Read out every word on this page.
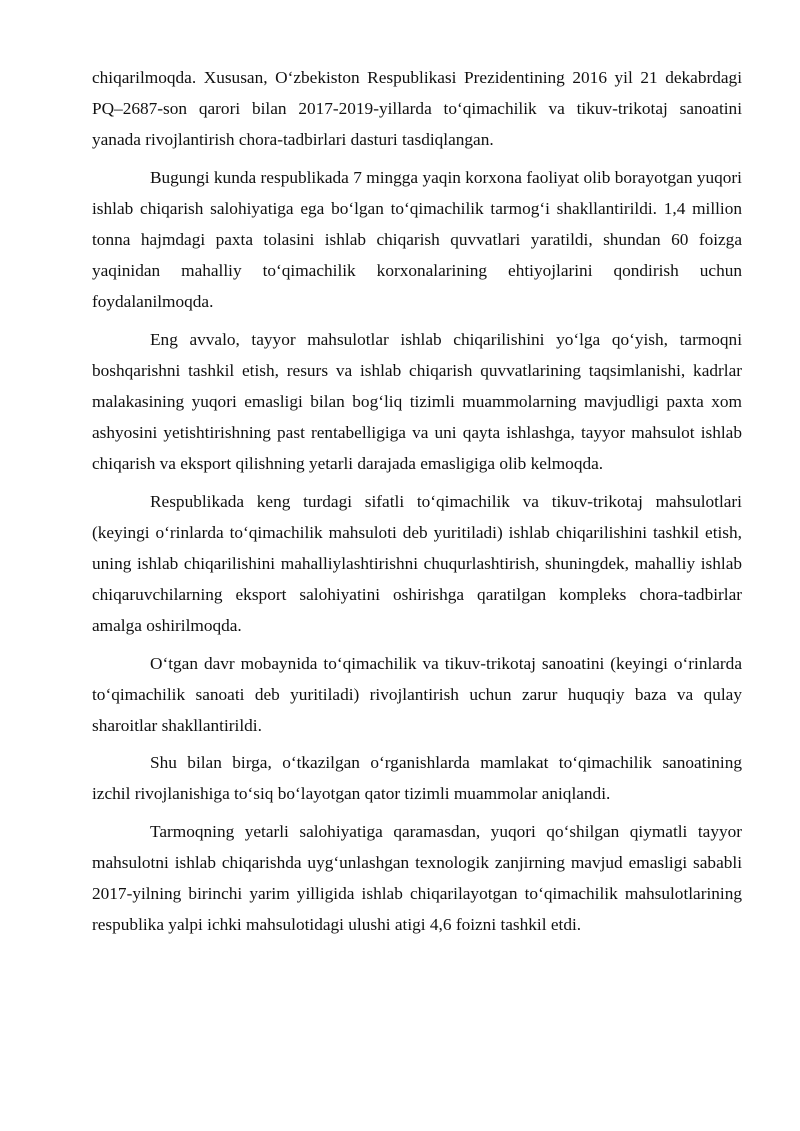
chiqarilmoqda. Xususan, O‘zbekiston Respublikasi Prezidentining 2016 yil 21 dekabrdagi PQ–2687-son qarori bilan 2017-2019-yillarda to‘qimachilik va tikuv-trikotaj sanoatini yanada rivojlantirish chora-tadbirlari dasturi tasdiqlangan.

Bugungi kunda respublikada 7 mingga yaqin korxona faoliyat olib borayotgan yuqori ishlab chiqarish salohiyatiga ega bo‘lgan to‘qimachilik tarmog‘i shakllantirildi. 1,4 million tonna hajmdagi paxta tolasini ishlab chiqarish quvvatlari yaratildi, shundan 60 foizga yaqinidan mahalliy to‘qimachilik korxonalarining ehtiyojlarini qondirish uchun foydalanilmoqda.

Eng avvalo, tayyor mahsulotlar ishlab chiqarilishini yo‘lga qo‘yish, tarmoqni boshqarishni tashkil etish, resurs va ishlab chiqarish quvvatlarining taqsimlanishi, kadrlar malakasining yuqori emasligi bilan bog‘liq tizimli muammolarning mavjudligi paxta xom ashyosini yetishtirishning past rentabelligiga va uni qayta ishlashga, tayyor mahsulot ishlab chiqarish va eksport qilishning yetarli darajada emasligiga olib kelmoqda.

Respublikada keng turdagi sifatli to‘qimachilik va tikuv-trikotaj mahsulotlari (keyingi o‘rinlarda to‘qimachilik mahsuloti deb yuritiladi) ishlab chiqarilishini tashkil etish, uning ishlab chiqarilishini mahalliylashtirishni chuqurlashtirish, shuningdek, mahalliy ishlab chiqaruvchilarning eksport salohiyatini oshirishga qaratilgan kompleks chora-tadbirlar amalga oshirilmoqda.

O‘tgan davr mobaynida to‘qimachilik va tikuv-trikotaj sanoatini (keyingi o‘rinlarda to‘qimachilik sanoati deb yuritiladi) rivojlantirish uchun zarur huquqiy baza va qulay sharoitlar shakllantirildi.

Shu bilan birga, o‘tkazilgan o‘rganishlarda mamlakat to‘qimachilik sanoatining izchil rivojlanishiga to‘siq bo‘layotgan qator tizimli muammolar aniqlandi.

Tarmoqning yetarli salohiyatiga qaramasdan, yuqori qo‘shilgan qiymatli tayyor mahsulotni ishlab chiqarishda uyg‘unlashgan texnologik zanjirning mavjud emasligi sababli 2017-yilning birinchi yarim yilligida ishlab chiqarilayotgan to‘qimachilik mahsulotlarining respublika yalpi ichki mahsulotidagi ulushi atigi 4,6 foizni tashkil etdi.
